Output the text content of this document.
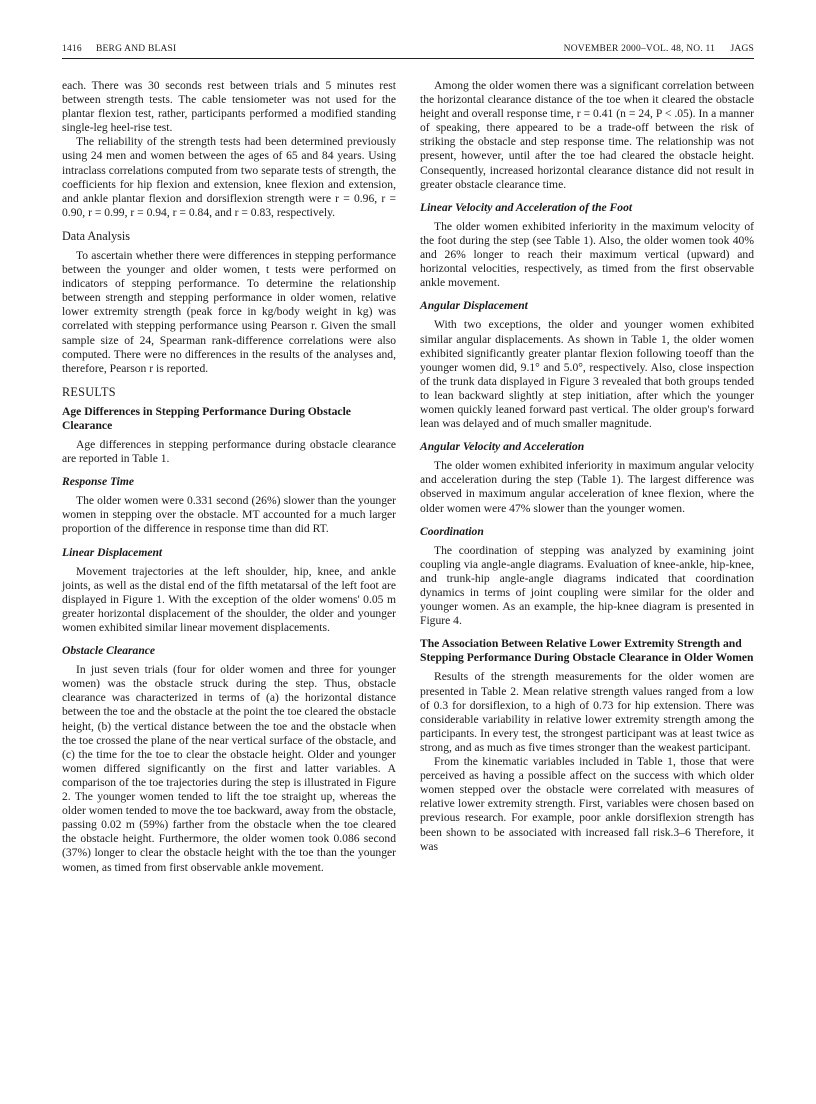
1416 BERG AND BLASI	NOVEMBER 2000–VOL. 48, NO. 11      JAGS

each. There was 30 seconds rest between trials and 5 minutes rest between strength tests. The cable tensiometer was not used for the plantar flexion test, rather, participants performed a modified standing single-leg heel-rise test.

The reliability of the strength tests had been determined previously using 24 men and women between the ages of 65 and 84 years. Using intraclass correlations computed from two separate tests of strength, the coefficients for hip flexion and extension, knee flexion and extension, and ankle plantar flexion and dorsiflexion strength were r = 0.96, r = 0.90, r = 0.99, r = 0.94, r = 0.84, and r = 0.83, respectively.

Data Analysis

To ascertain whether there were differences in stepping performance between the younger and older women, t tests were performed on indicators of stepping performance. To determine the relationship between strength and stepping performance in older women, relative lower extremity strength (peak force in kg/body weight in kg) was correlated with stepping performance using Pearson r. Given the small sample size of 24, Spearman rank-difference correlations were also computed. There were no differences in the results of the analyses and, therefore, Pearson r is reported.

RESULTS
Age Differences in Stepping Performance During Obstacle Clearance

Age differences in stepping performance during obstacle clearance are reported in Table 1.

Response Time

The older women were 0.331 second (26%) slower than the younger women in stepping over the obstacle. MT accounted for a much larger proportion of the difference in response time than did RT.

Linear Displacement

Movement trajectories at the left shoulder, hip, knee, and ankle joints, as well as the distal end of the fifth metatarsal of the left foot are displayed in Figure 1. With the exception of the older womens' 0.05 m greater horizontal displacement of the shoulder, the older and younger women exhibited similar linear movement displacements.

Obstacle Clearance

In just seven trials (four for older women and three for younger women) was the obstacle struck during the step. Thus, obstacle clearance was characterized in terms of (a) the horizontal distance between the toe and the obstacle at the point the toe cleared the obstacle height, (b) the vertical distance between the toe and the obstacle when the toe crossed the plane of the near vertical surface of the obstacle, and (c) the time for the toe to clear the obstacle height. Older and younger women differed significantly on the first and latter variables. A comparison of the toe trajectories during the step is illustrated in Figure 2. The younger women tended to lift the toe straight up, whereas the older women tended to move the toe backward, away from the obstacle, passing 0.02 m (59%) farther from the obstacle when the toe cleared the obstacle height. Furthermore, the older women took 0.086 second (37%) longer to clear the obstacle height with the toe than the younger women, as timed from first observable ankle movement.

Among the older women there was a significant correlation between the horizontal clearance distance of the toe when it cleared the obstacle height and overall response time, r = 0.41 (n = 24, P < .05). In a manner of speaking, there appeared to be a trade-off between the risk of striking the obstacle and step response time. The relationship was not present, however, until after the toe had cleared the obstacle height. Consequently, increased horizontal clearance distance did not result in greater obstacle clearance time.

Linear Velocity and Acceleration of the Foot

The older women exhibited inferiority in the maximum velocity of the foot during the step (see Table 1). Also, the older women took 40% and 26% longer to reach their maximum vertical (upward) and horizontal velocities, respectively, as timed from the first observable ankle movement.

Angular Displacement

With two exceptions, the older and younger women exhibited similar angular displacements. As shown in Table 1, the older women exhibited significantly greater plantar flexion following toeoff than the younger women did, 9.1° and 5.0°, respectively. Also, close inspection of the trunk data displayed in Figure 3 revealed that both groups tended to lean backward slightly at step initiation, after which the younger women quickly leaned forward past vertical. The older group's forward lean was delayed and of much smaller magnitude.

Angular Velocity and Acceleration

The older women exhibited inferiority in maximum angular velocity and acceleration during the step (Table 1). The largest difference was observed in maximum angular acceleration of knee flexion, where the older women were 47% slower than the younger women.

Coordination

The coordination of stepping was analyzed by examining joint coupling via angle-angle diagrams. Evaluation of knee-ankle, hip-knee, and trunk-hip angle-angle diagrams indicated that coordination dynamics in terms of joint coupling were similar for the older and younger women. As an example, the hip-knee diagram is presented in Figure 4.

The Association Between Relative Lower Extremity Strength and Stepping Performance During Obstacle Clearance in Older Women

Results of the strength measurements for the older women are presented in Table 2. Mean relative strength values ranged from a low of 0.3 for dorsiflexion, to a high of 0.73 for hip extension. There was considerable variability in relative lower extremity strength among the participants. In every test, the strongest participant was at least twice as strong, and as much as five times stronger than the weakest participant.

From the kinematic variables included in Table 1, those that were perceived as having a possible affect on the success with which older women stepped over the obstacle were correlated with measures of relative lower extremity strength. First, variables were chosen based on previous research. For example, poor ankle dorsiflexion strength has been shown to be associated with increased fall risk.3–6 Therefore, it was
